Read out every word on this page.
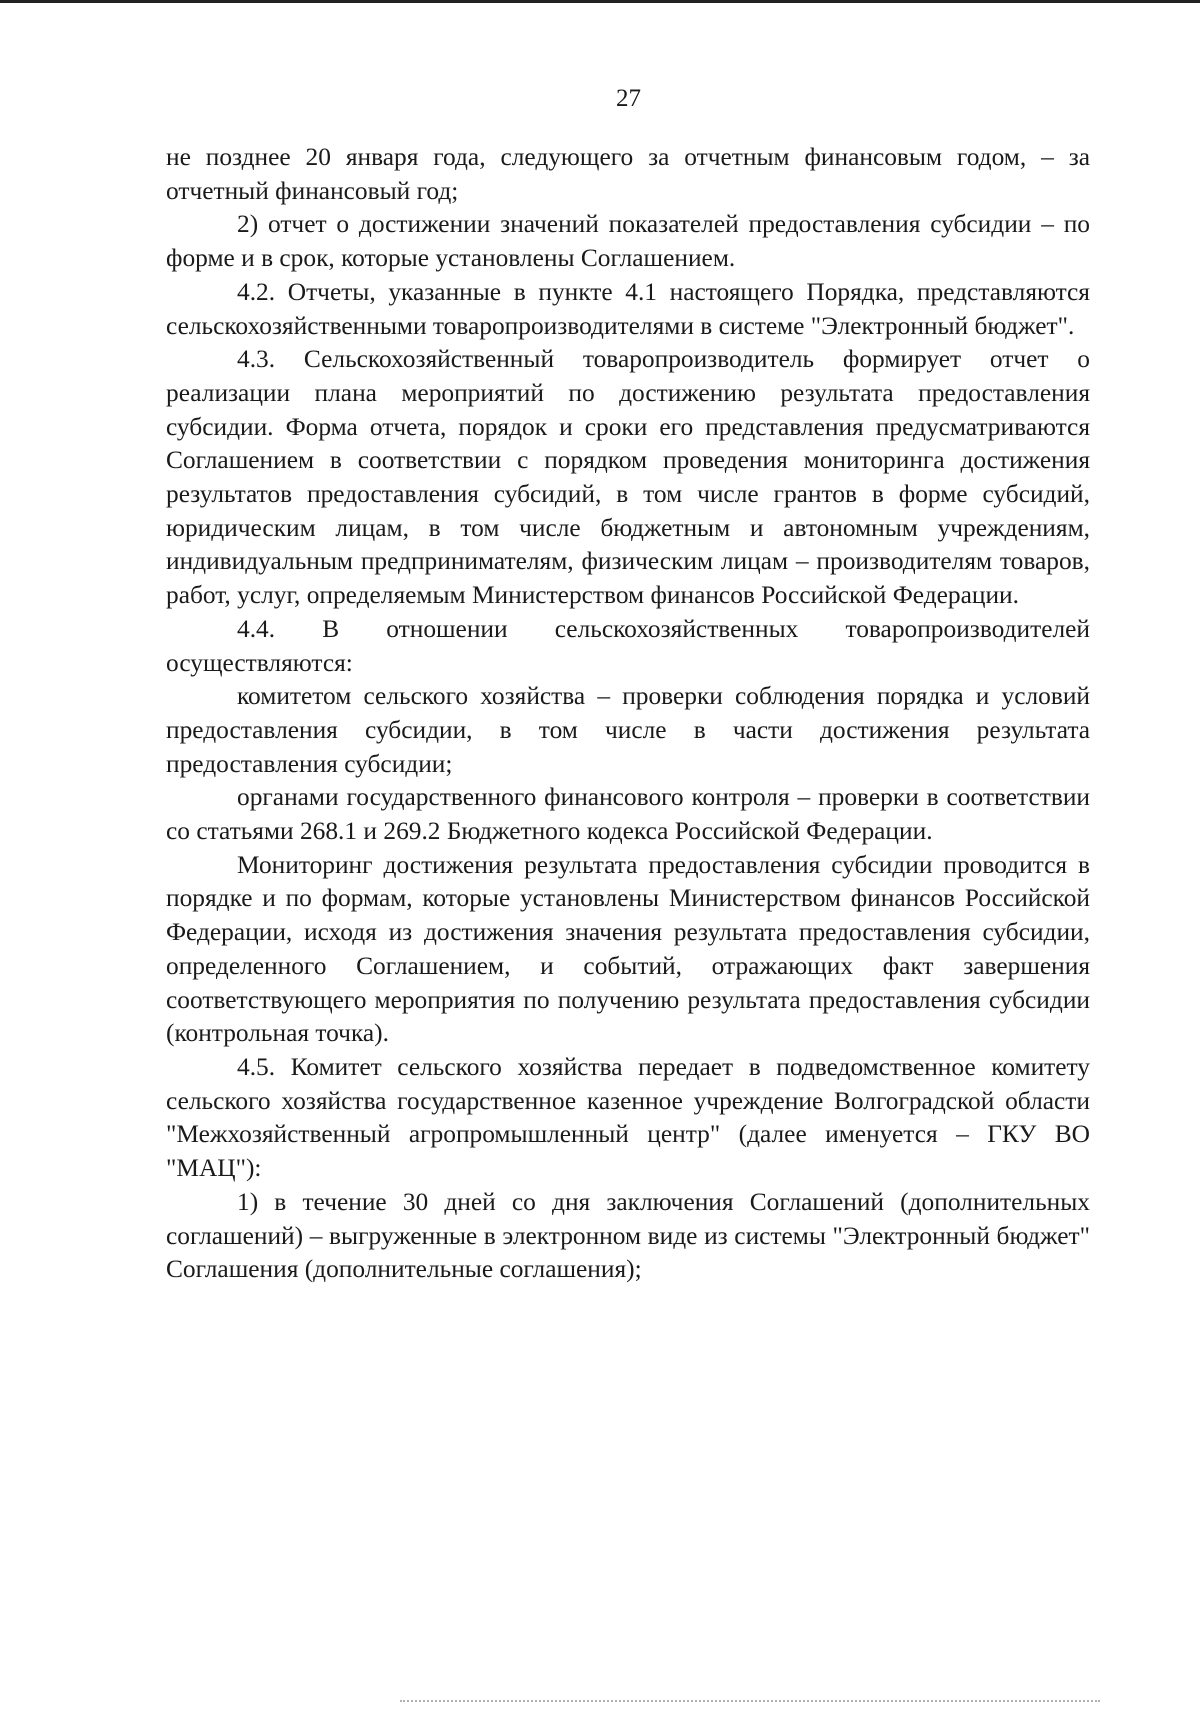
27

не позднее 20 января года, следующего за отчетным финансовым годом, – за отчетный финансовый год;

2) отчет о достижении значений показателей предоставления субсидии – по форме и в срок, которые установлены Соглашением.

4.2. Отчеты, указанные в пункте 4.1 настоящего Порядка, представляются сельскохозяйственными товаропроизводителями в системе "Электронный бюджет".

4.3. Сельскохозяйственный товаропроизводитель формирует отчет о реализации плана мероприятий по достижению результата предоставления субсидии. Форма отчета, порядок и сроки его представления предусматриваются Соглашением в соответствии с порядком проведения мониторинга достижения результатов предоставления субсидий, в том числе грантов в форме субсидий, юридическим лицам, в том числе бюджетным и автономным учреждениям, индивидуальным предпринимателям, физическим лицам – производителям товаров, работ, услуг, определяемым Министерством финансов Российской Федерации.

4.4. В отношении сельскохозяйственных товаропроизводителей осуществляются:

комитетом сельского хозяйства – проверки соблюдения порядка и условий предоставления субсидии, в том числе в части достижения результата предоставления субсидии;

органами государственного финансового контроля – проверки в соответствии со статьями 268.1 и 269.2 Бюджетного кодекса Российской Федерации.

Мониторинг достижения результата предоставления субсидии проводится в порядке и по формам, которые установлены Министерством финансов Российской Федерации, исходя из достижения значения результата предоставления субсидии, определенного Соглашением, и событий, отражающих факт завершения соответствующего мероприятия по получению результата предоставления субсидии (контрольная точка).

4.5. Комитет сельского хозяйства передает в подведомственное комитету сельского хозяйства государственное казенное учреждение Волгоградской области "Межхозяйственный агропромышленный центр" (далее именуется – ГКУ ВО "МАЦ"):

1) в течение 30 дней со дня заключения Соглашений (дополнительных соглашений) – выгруженные в электронном виде из системы "Электронный бюджет" Соглашения (дополнительные соглашения);
